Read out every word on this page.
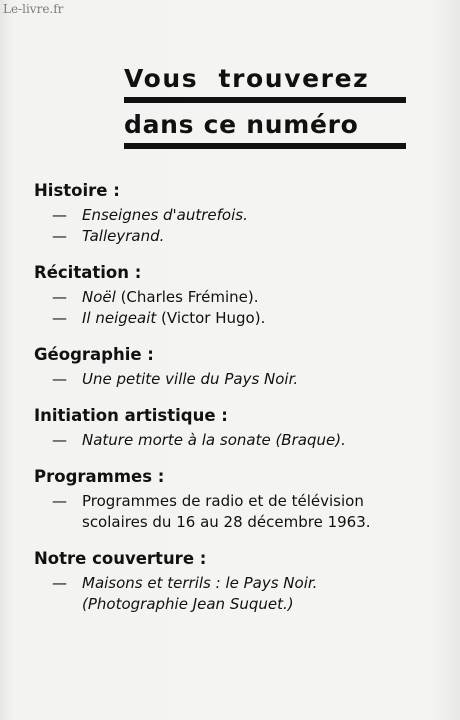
Le-livre.fr
Vous trouverez
dans ce numéro
Histoire :
— Enseignes d'autrefois.
— Talleyrand.
Récitation :
— Noël (Charles Frémine).
— Il neigeait (Victor Hugo).
Géographie :
— Une petite ville du Pays Noir.
Initiation artistique :
— Nature morte à la sonate (Braque).
Programmes :
— Programmes de radio et de télévision
scolaires du 16 au 28 décembre 1963.
Notre couverture :
— Maisons et terrils : le Pays Noir.
(Photographie Jean Suquet.)
